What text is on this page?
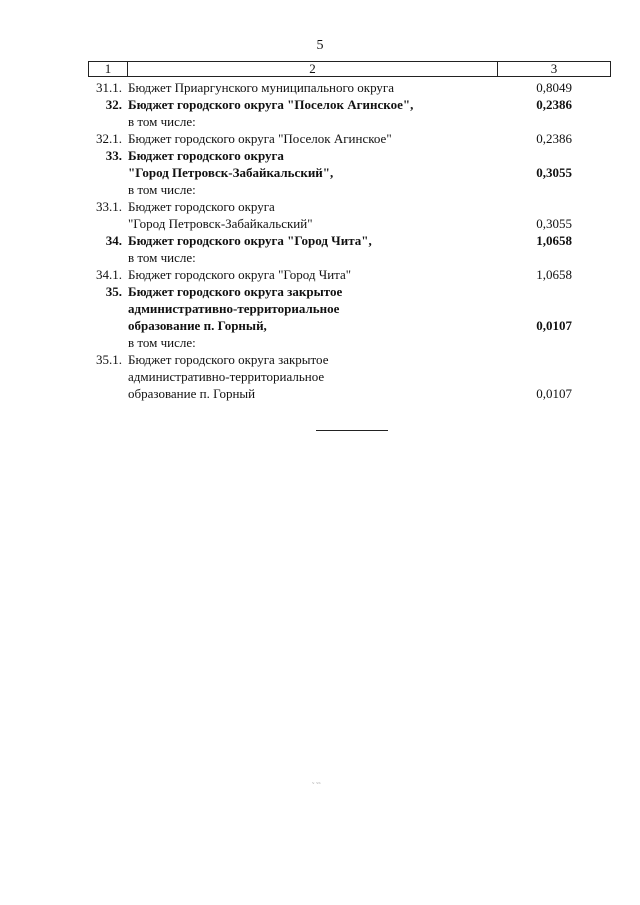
5
1	2	3
31.1. Бюджет Приаргунского муниципального округа	0,8049
32. Бюджет городского округа "Поселок Агинское",	0,2386
в том числе:
32.1. Бюджет городского округа "Поселок Агинское"	0,2386
33. Бюджет городского округа
"Город Петровск-Забайкальский",	0,3055
в том числе:
33.1. Бюджет городского округа
"Город Петровск-Забайкальский"	0,3055
34. Бюджет городского округа "Город Чита",	1,0658
в том числе:
34.1. Бюджет городского округа "Город Чита"	1,0658
35. Бюджет городского округа закрытое
административно-территориальное
образование п. Горный,	0,0107
в том числе:
35.1. Бюджет городского округа закрытое
административно-территориальное
образование п. Горный	0,0107
˷ ˷˷
